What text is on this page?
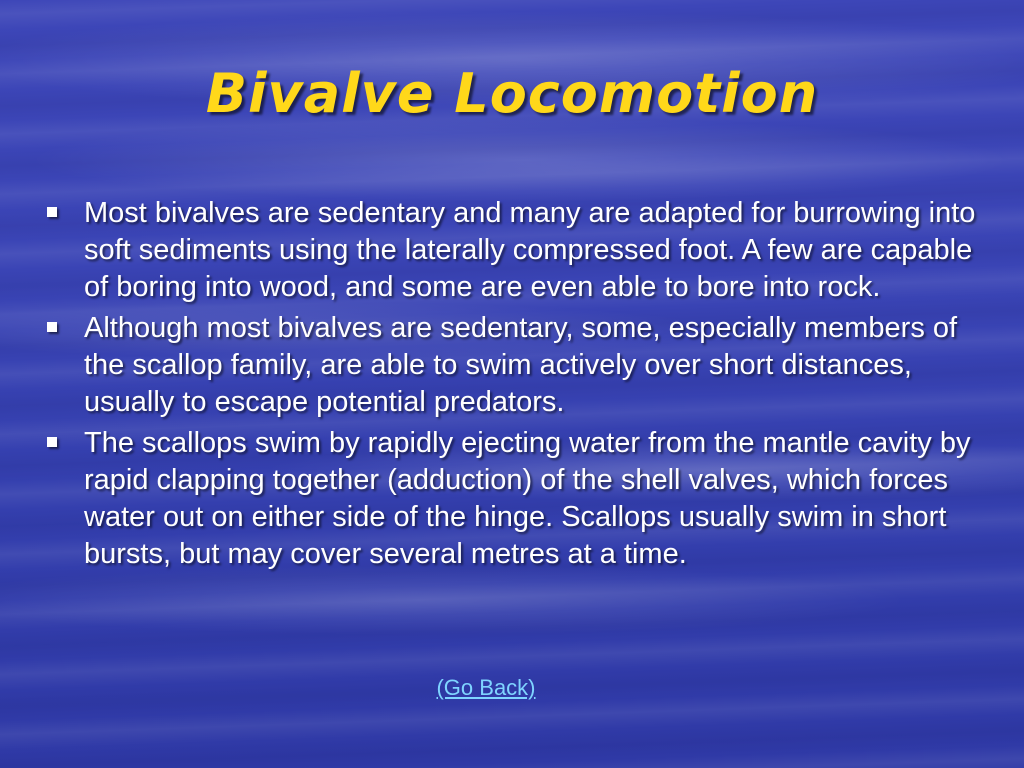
Bivalve Locomotion
Most bivalves are sedentary and many are adapted for burrowing into soft sediments using the laterally compressed foot. A few are capable of boring into wood, and some are even able to bore into rock.
Although most bivalves are sedentary, some, especially members of the scallop family, are able to swim actively over short distances, usually to escape potential predators.
The scallops swim by rapidly ejecting water from the mantle cavity by rapid clapping together (adduction) of the shell valves, which forces water out on either side of the hinge. Scallops usually swim in short bursts, but may cover several metres at a time.
(Go Back)
